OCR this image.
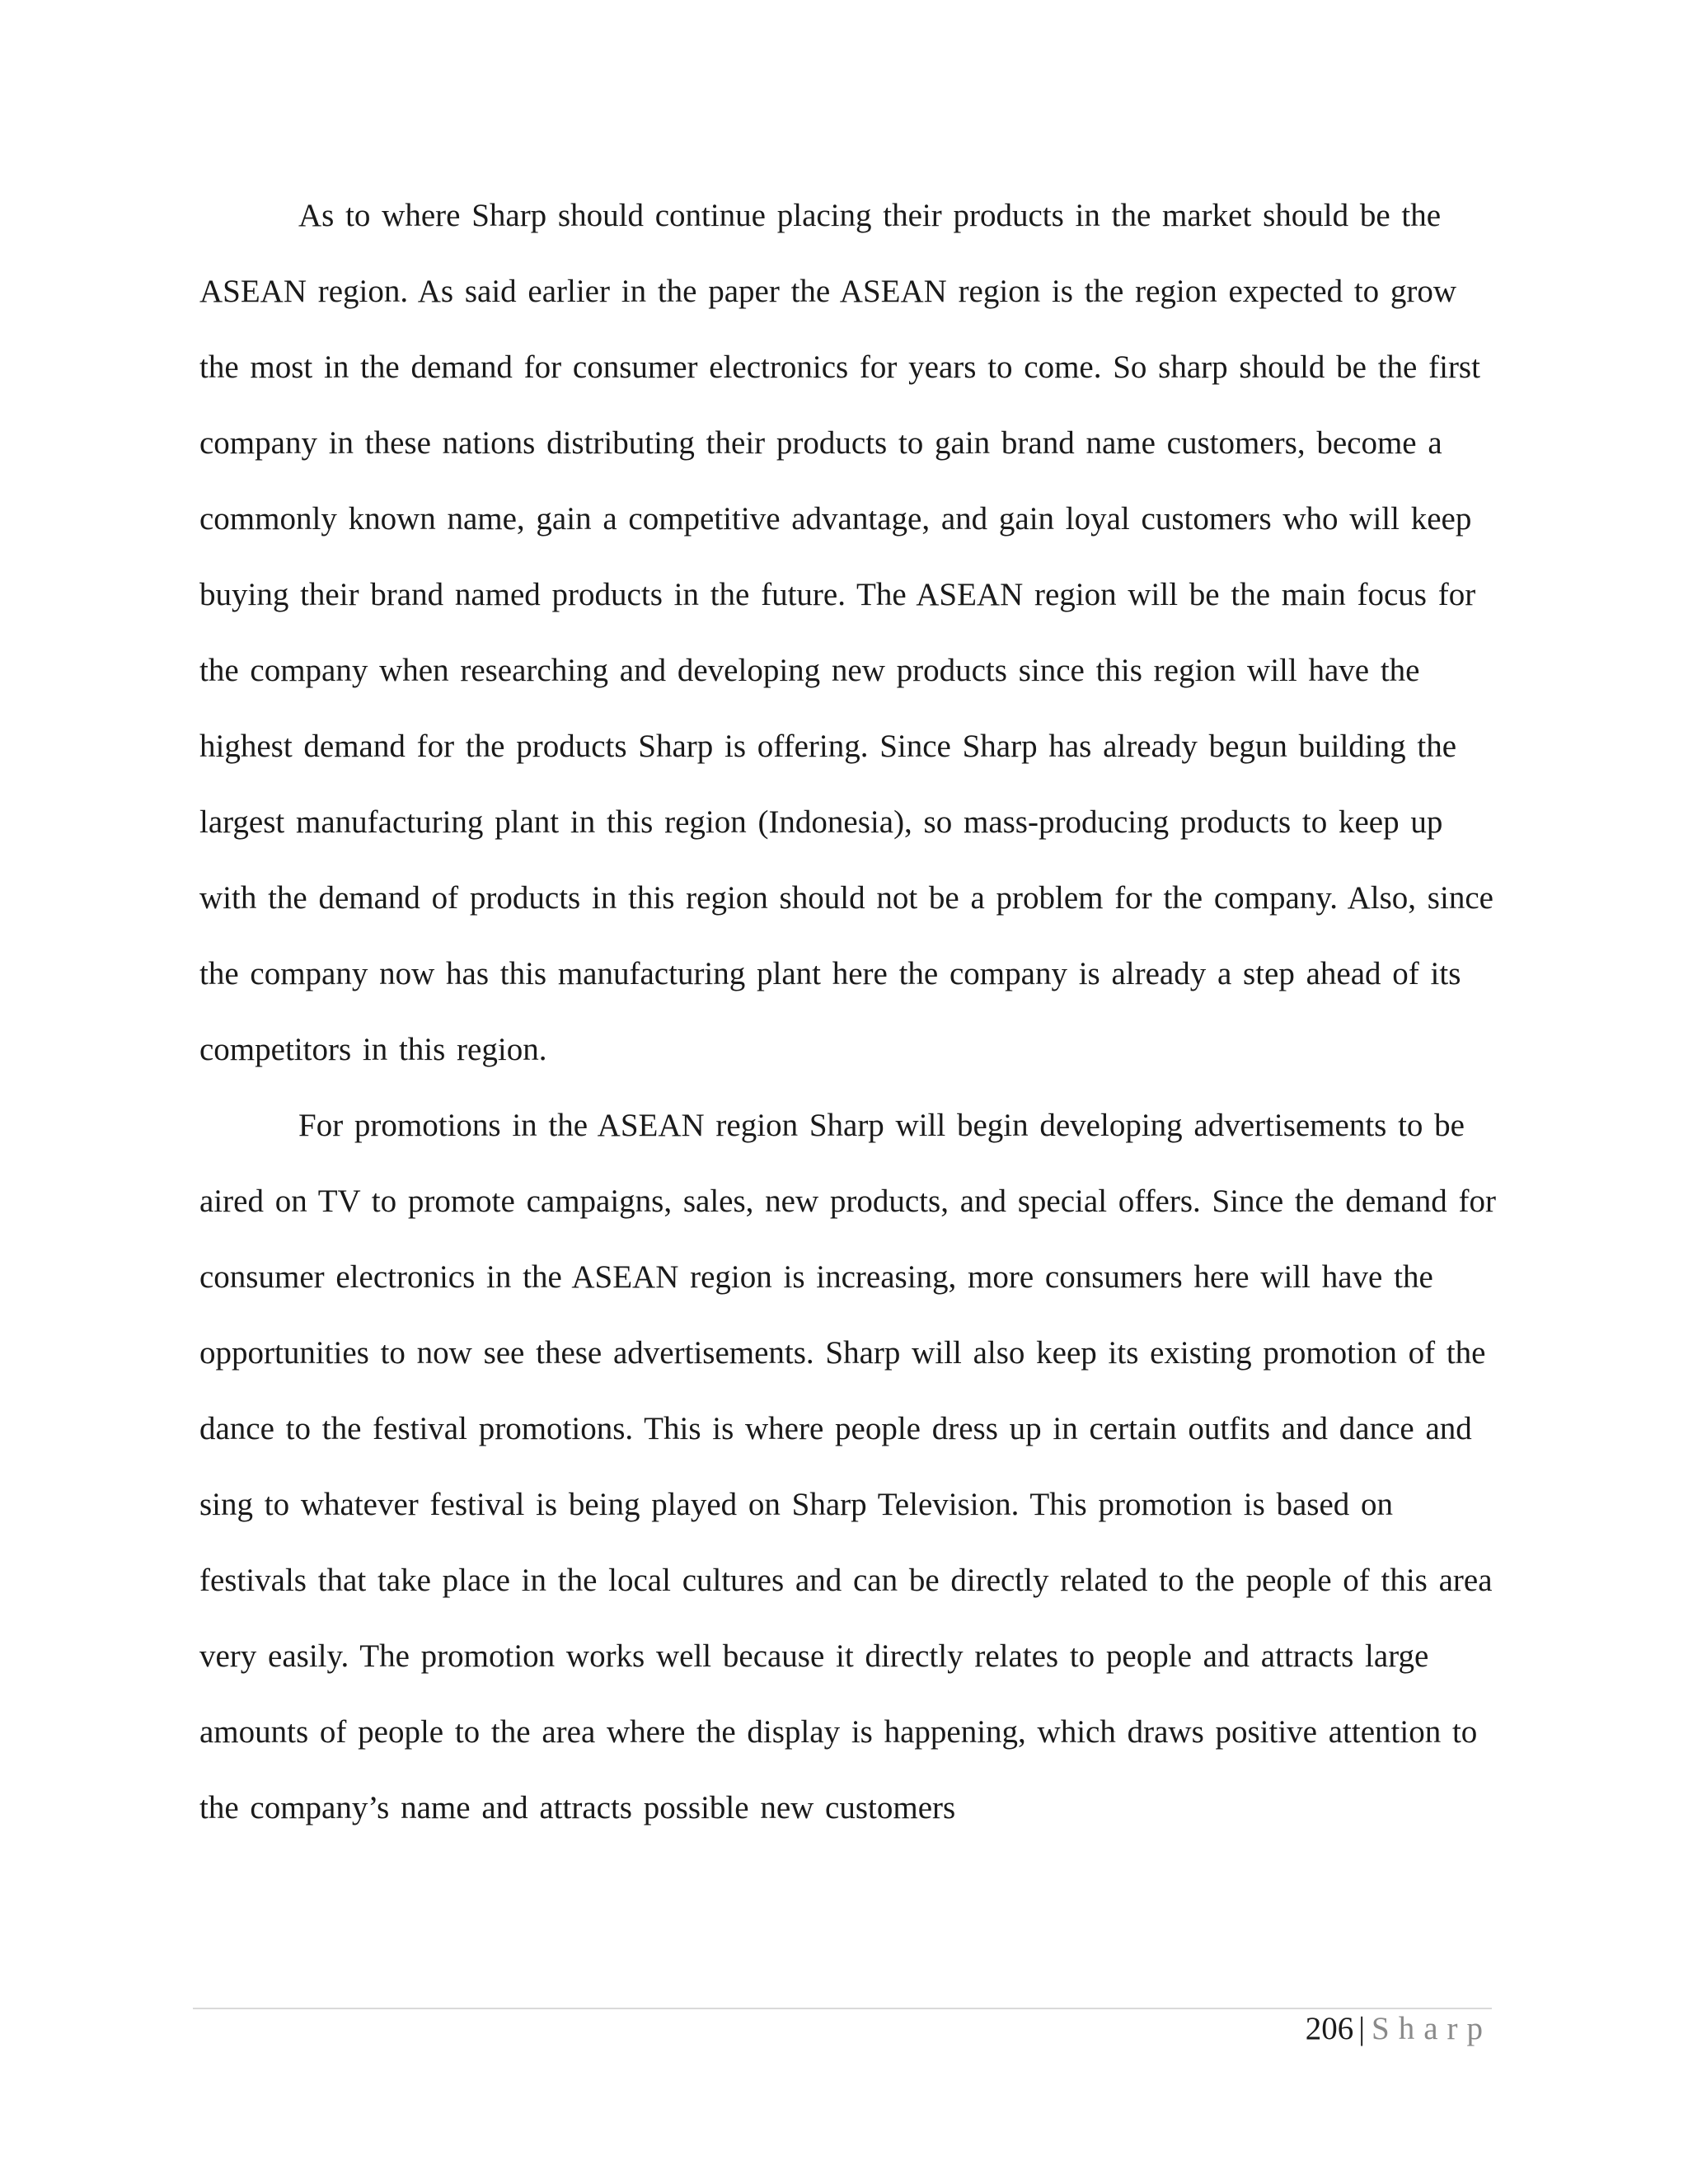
As to where Sharp should continue placing their products in the market should be the
ASEAN region. As said earlier in the paper the ASEAN region is the region expected to grow
the most in the demand for consumer electronics for years to come. So sharp should be the first
company in these nations distributing their products to gain brand name customers, become a
commonly known name, gain a competitive advantage, and gain loyal customers who will keep
buying their brand named products in the future. The ASEAN region will be the main focus for
the company when researching and developing new products since this region will have the
highest demand for the products Sharp is offering. Since Sharp has already begun building the
largest manufacturing plant in this region (Indonesia), so mass-producing products to keep up
with the demand of products in this region should not be a problem for the company. Also, since
the company now has this manufacturing plant here the company is already a step ahead of its
competitors in this region.
For promotions in the ASEAN region Sharp will begin developing advertisements to be
aired on TV to promote campaigns, sales, new products, and special offers. Since the demand for
consumer electronics in the ASEAN region is increasing, more consumers here will have the
opportunities to now see these advertisements. Sharp will also keep its existing promotion of the
dance to the festival promotions. This is where people dress up in certain outfits and dance and
sing to whatever festival is being played on Sharp Television. This promotion is based on
festivals that take place in the local cultures and can be directly related to the people of this area
very easily. The promotion works well because it directly relates to people and attracts large
amounts of people to the area where the display is happening, which draws positive attention to
the company’s name and attracts possible new customers
206 | Sharp
